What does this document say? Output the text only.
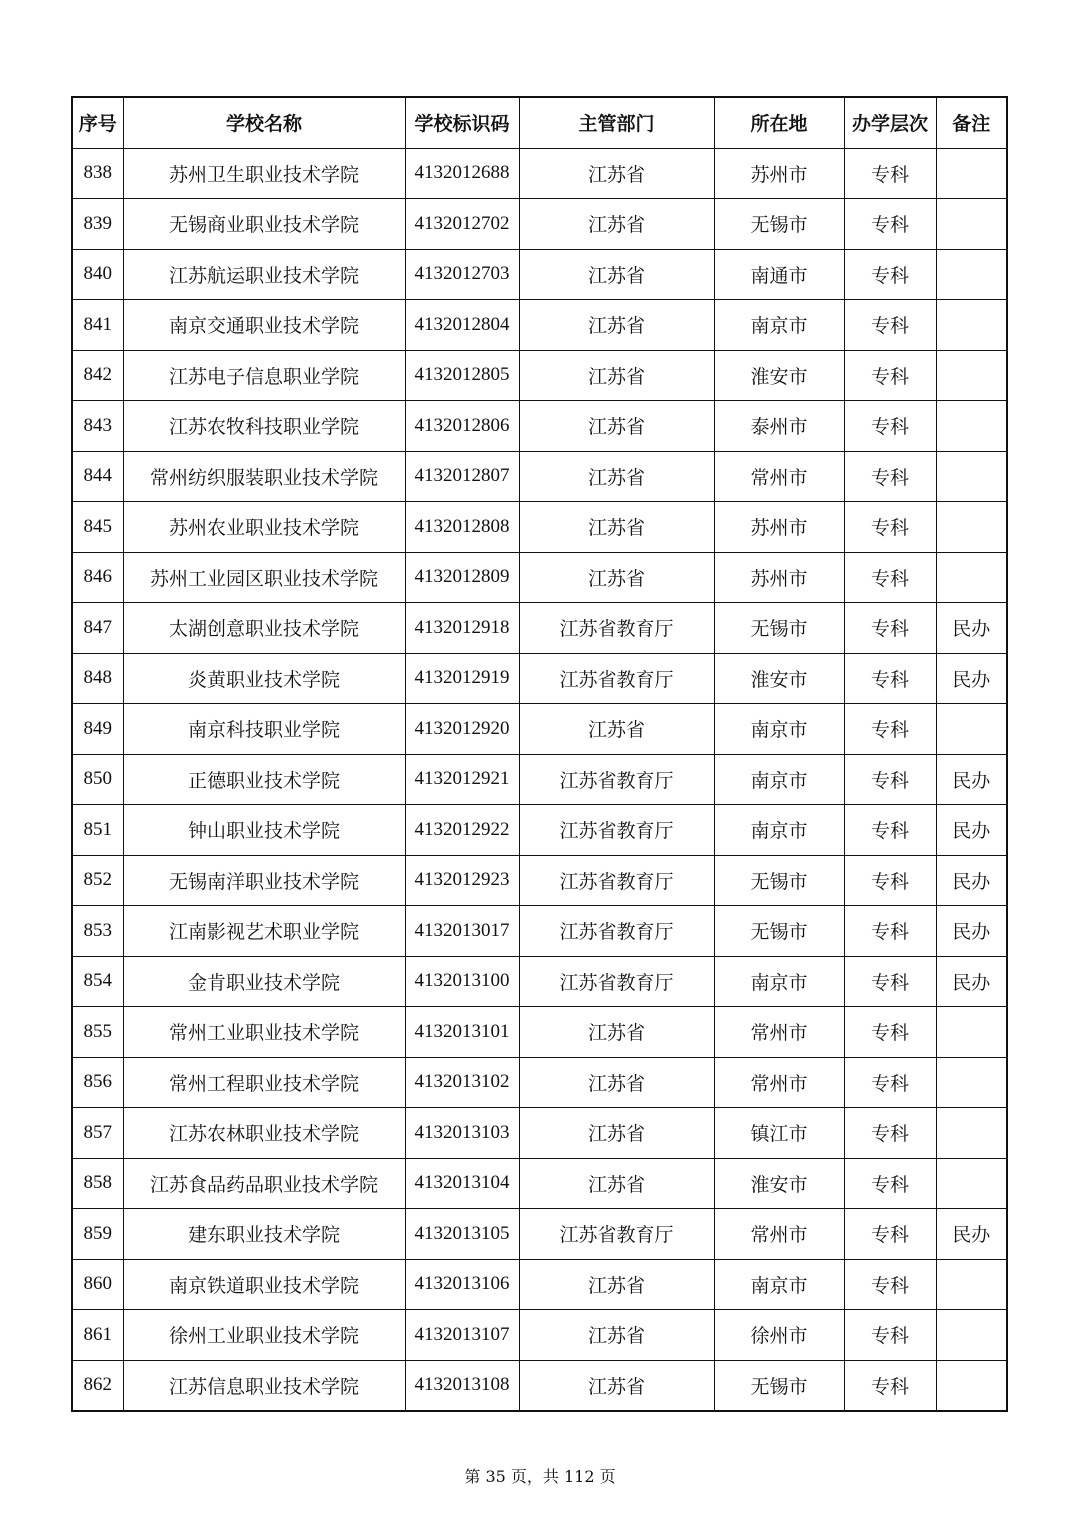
序号	学校名称	学校标识码	主管部门	所在地	办学层次	备注
838	苏州卫生职业技术学院	4132012688	江苏省	苏州市	专科	
839	无锡商业职业技术学院	4132012702	江苏省	无锡市	专科	
840	江苏航运职业技术学院	4132012703	江苏省	南通市	专科	
841	南京交通职业技术学院	4132012804	江苏省	南京市	专科	
842	江苏电子信息职业学院	4132012805	江苏省	淮安市	专科	
843	江苏农牧科技职业学院	4132012806	江苏省	泰州市	专科	
844	常州纺织服装职业技术学院	4132012807	江苏省	常州市	专科	
845	苏州农业职业技术学院	4132012808	江苏省	苏州市	专科	
846	苏州工业园区职业技术学院	4132012809	江苏省	苏州市	专科	
847	太湖创意职业技术学院	4132012918	江苏省教育厅	无锡市	专科	民办
848	炎黄职业技术学院	4132012919	江苏省教育厅	淮安市	专科	民办
849	南京科技职业学院	4132012920	江苏省	南京市	专科	
850	正德职业技术学院	4132012921	江苏省教育厅	南京市	专科	民办
851	钟山职业技术学院	4132012922	江苏省教育厅	南京市	专科	民办
852	无锡南洋职业技术学院	4132012923	江苏省教育厅	无锡市	专科	民办
853	江南影视艺术职业学院	4132013017	江苏省教育厅	无锡市	专科	民办
854	金肯职业技术学院	4132013100	江苏省教育厅	南京市	专科	民办
855	常州工业职业技术学院	4132013101	江苏省	常州市	专科	
856	常州工程职业技术学院	4132013102	江苏省	常州市	专科	
857	江苏农林职业技术学院	4132013103	江苏省	镇江市	专科	
858	江苏食品药品职业技术学院	4132013104	江苏省	淮安市	专科	
859	建东职业技术学院	4132013105	江苏省教育厅	常州市	专科	民办
860	南京铁道职业技术学院	4132013106	江苏省	南京市	专科	
861	徐州工业职业技术学院	4132013107	江苏省	徐州市	专科	
862	江苏信息职业技术学院	4132013108	江苏省	无锡市	专科	
第 35 页，共 112 页
